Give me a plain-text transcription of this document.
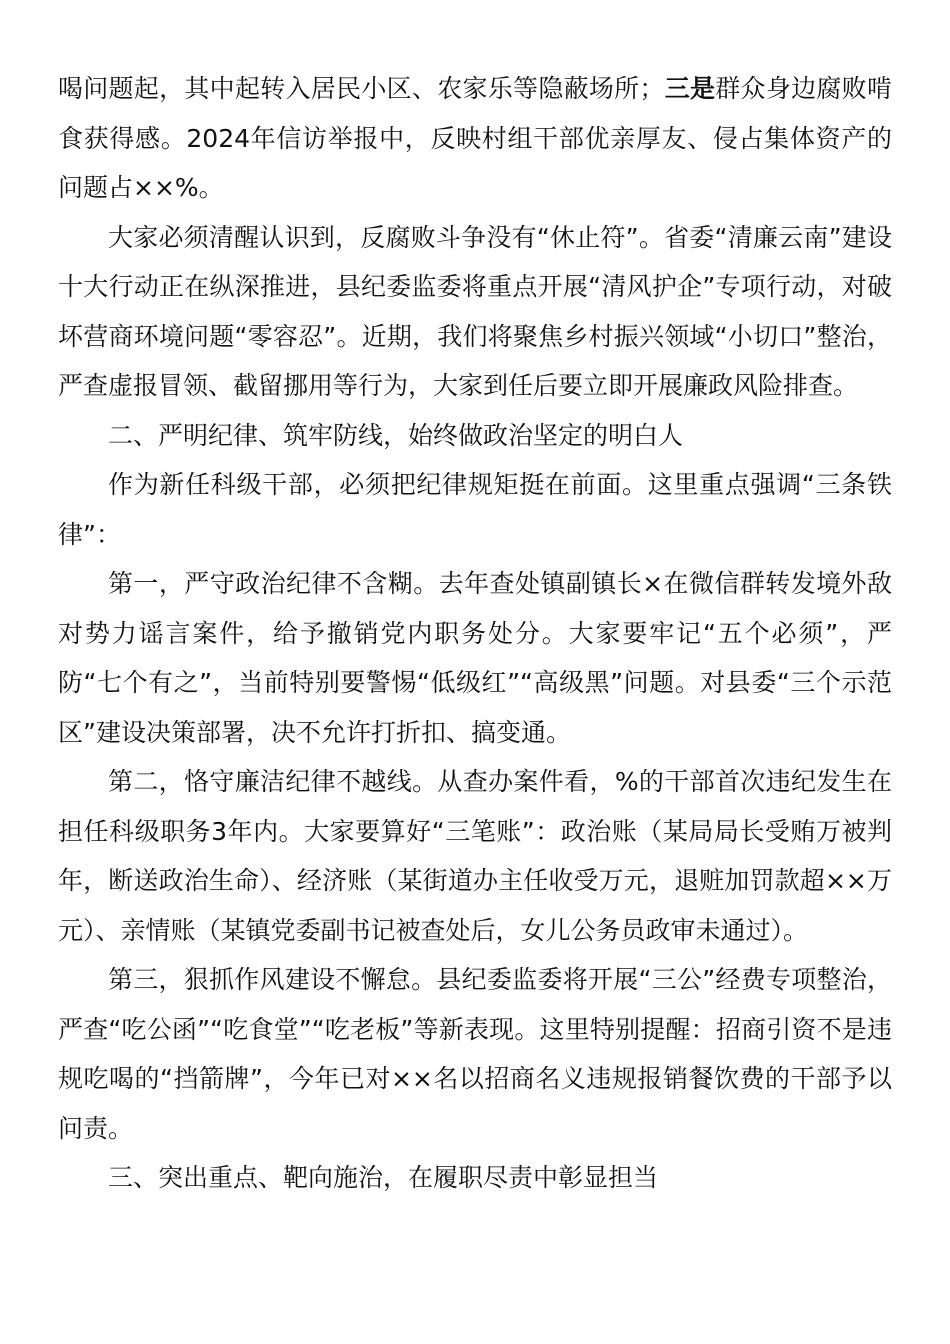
喝问题起，其中起转入居民小区、农家乐等隐蔽场所；三是群众身边腐败啃食获得感。2024年信访举报中，反映村组干部优亲厚友、侵占集体资产的问题占××%。

大家必须清醒认识到，反腐败斗争没有“休止符”。省委“清廉云南”建设十大行动正在纵深推进，县纪委监委将重点开展“清风护企”专项行动，对破坏营商环境问题“零容忍”。近期，我们将聚焦乡村振兴领域“小切口”整治，严查虚报冒领、截留挪用等行为，大家到任后要立即开展廉政风险排查。

二、严明纪律、筑牢防线，始终做政治坚定的明白人

作为新任科级干部，必须把纪律规矩挺在前面。这里重点强调“三条铁律”：

第一，严守政治纪律不含糊。去年查处镇副镇长×在微信群转发境外敌对势力谣言案件，给予撤销党内职务处分。大家要牢记“五个必须”，严防“七个有之”，当前特别要警惕“低级红”“高级黑”问题。对县委“三个示范区”建设决策部署，决不允许打折扣、搞变通。

第二，恪守廉洁纪律不越线。从查办案件看，%的干部首次违纪发生在担任科级职务3年内。大家要算好“三笔账”：政治账（某局局长受贿万被判年，断送政治生命）、经济账（某街道办主任收受万元，退赃加罚款超××万元）、亲情账（某镇党委副书记被查处后，女儿公务员政审未通过）。

第三，狠抓作风建设不懈怠。县纪委监委将开展“三公”经费专项整治，严查“吃公函”“吃食堂”“吃老板”等新表现。这里特别提醒：招商引资不是违规吃喝的“挡箭牌”，今年已对××名以招商名义违规报销餐饮费的干部予以问责。

三、突出重点、靶向施治，在履职尽责中彰显担当
